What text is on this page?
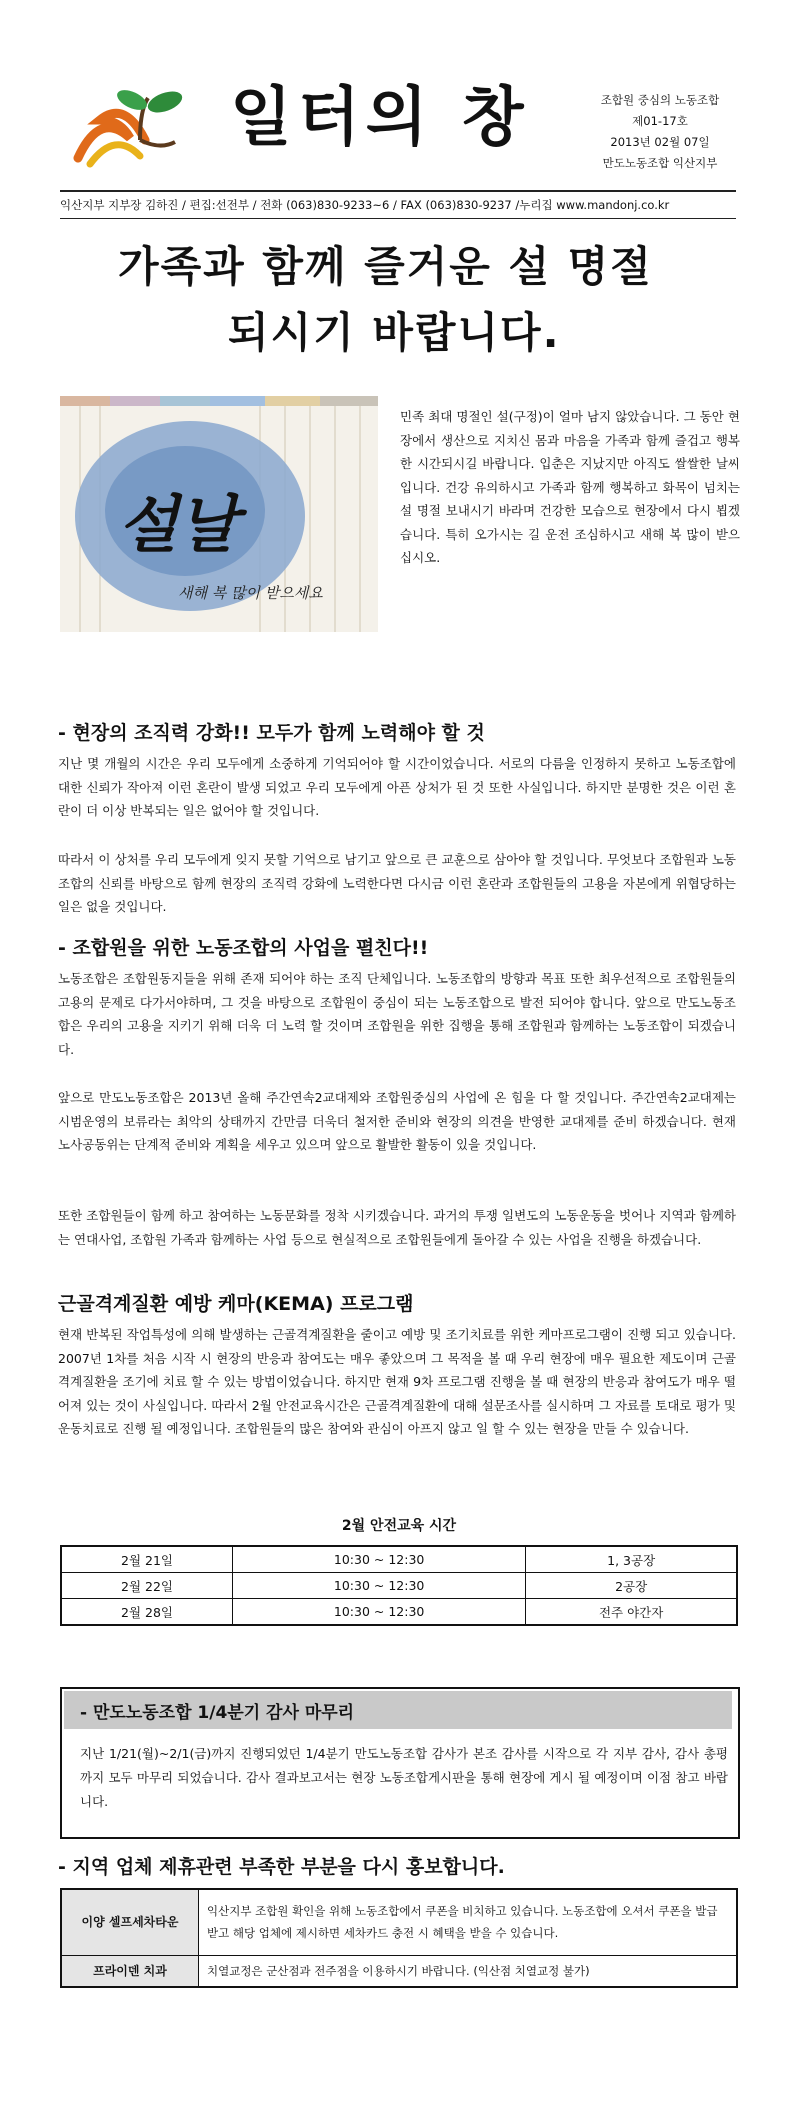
일터의 창	조합원 중심의 노동조합
제01-17호
2013년 02월 07일
만도노동조합 익산지부
익산지부 지부장 김하진 / 편집:선전부 / 전화 (063)830-9233~6 / FAX (063)830-9237 /누리집 www.mandonj.co.kr
가족과 함께 즐거운 설 명절
되시기 바랍니다.
설날
새해 복 많이 받으세요
민족 최대 명절인 설(구정)이 얼마 남지 않았습니다. 그 동안 현장에서 생산으로 지치신 몸과 마음을 가족과 함께 즐겁고 행복한 시간되시길 바랍니다. 입춘은 지났지만 아직도 쌀쌀한 날씨입니다. 건강 유의하시고 가족과 함께 행복하고 화목이 넘치는 설 명절 보내시기 바라며 건강한 모습으로 현장에서 다시 뵙겠습니다. 특히 오가시는 길 운전 조심하시고 새해 복 많이 받으십시오.
- 현장의 조직력 강화!! 모두가 함께 노력해야 할 것
지난 몇 개월의 시간은 우리 모두에게 소중하게 기억되어야 할 시간이었습니다. 서로의 다름을 인정하지 못하고 노동조합에 대한 신뢰가 작아져 이런 혼란이 발생 되었고 우리 모두에게 아픈 상처가 된 것 또한 사실입니다. 하지만 분명한 것은 이런 혼란이 더 이상 반복되는 일은 없어야 할 것입니다.
따라서 이 상처를 우리 모두에게 잊지 못할 기억으로 남기고 앞으로 큰 교훈으로 삼아야 할 것입니다. 무엇보다 조합원과 노동조합의 신뢰를 바탕으로 함께 현장의 조직력 강화에 노력한다면 다시금 이런 혼란과 조합원들의 고용을 자본에게 위협당하는 일은 없을 것입니다.
- 조합원을 위한 노동조합의 사업을 펼친다!!
노동조합은 조합원동지들을 위해 존재 되어야 하는 조직 단체입니다. 노동조합의 방향과 목표 또한 최우선적으로 조합원들의 고용의 문제로 다가서야하며, 그 것을 바탕으로 조합원이 중심이 되는 노동조합으로 발전 되어야 합니다. 앞으로 만도노동조합은 우리의 고용을 지키기 위해 더욱 더 노력 할 것이며 조합원을 위한 집행을 통해 조합원과 함께하는 노동조합이 되겠습니다.
앞으로 만도노동조합은 2013년 올해 주간연속2교대제와 조합원중심의 사업에 온 힘을 다 할 것입니다. 주간연속2교대제는 시범운영의 보류라는 최악의 상태까지 간만큼 더욱더 철저한 준비와 현장의 의견을 반영한 교대제를 준비 하겠습니다. 현재 노사공동위는 단계적 준비와 계획을 세우고 있으며 앞으로 활발한 활동이 있을 것입니다.
또한 조합원들이 함께 하고 참여하는 노동문화를 정착 시키겠습니다. 과거의 투쟁 일변도의 노동운동을 벗어나 지역과 함께하는 연대사업, 조합원 가족과 함께하는 사업 등으로 현실적으로 조합원들에게 돌아갈 수 있는 사업을 진행을 하겠습니다.
근골격계질환 예방 케마(KEMA) 프로그램
현재 반복된 작업특성에 의해 발생하는 근골격계질환을 줄이고 예방 및 조기치료를 위한 케마프로그램이 진행 되고 있습니다. 2007년 1차를 처음 시작 시 현장의 반응과 참여도는 매우 좋았으며 그 목적을 볼 때 우리 현장에 매우 필요한 제도이며 근골격계질환을 조기에 치료 할 수 있는 방법이었습니다. 하지만 현재 9차 프로그램 진행을 볼 때 현장의 반응과 참여도가 매우 떨어져 있는 것이 사실입니다. 따라서 2월 안전교육시간은 근골격계질환에 대해 설문조사를 실시하며 그 자료를 토대로 평가 및 운동치료로 진행 될 예정입니다. 조합원들의 많은 참여와 관심이 아프지 않고 일 할 수 있는 현장을 만들 수 있습니다.
2월 안전교육 시간
2월 21일	10:30 ~ 12:30	1, 3공장
2월 22일	10:30 ~ 12:30	2공장
2월 28일	10:30 ~ 12:30	전주 야간자
- 만도노동조합 1/4분기 감사 마무리
지난 1/21(월)~2/1(금)까지 진행되었던 1/4분기 만도노동조합 감사가 본조 감사를 시작으로 각 지부 감사, 감사 총평까지 모두 마무리 되었습니다. 감사 결과보고서는 현장 노동조합게시판을 통해 현장에 게시 될 예정이며 이점 참고 바랍니다.
- 지역 업체 제휴관련 부족한 부분을 다시 홍보합니다.
이양 셀프세차타운	익산지부 조합원 확인을 위해 노동조합에서 쿠폰을 비치하고 있습니다. 노동조합에 오셔서 쿠폰을 발급 받고 해당 업체에 제시하면 세차카드 충전 시 혜택을 받을 수 있습니다.
프라이덴 치과	치열교정은 군산점과 전주점을 이용하시기 바랍니다. (익산점 치열교정 불가)
